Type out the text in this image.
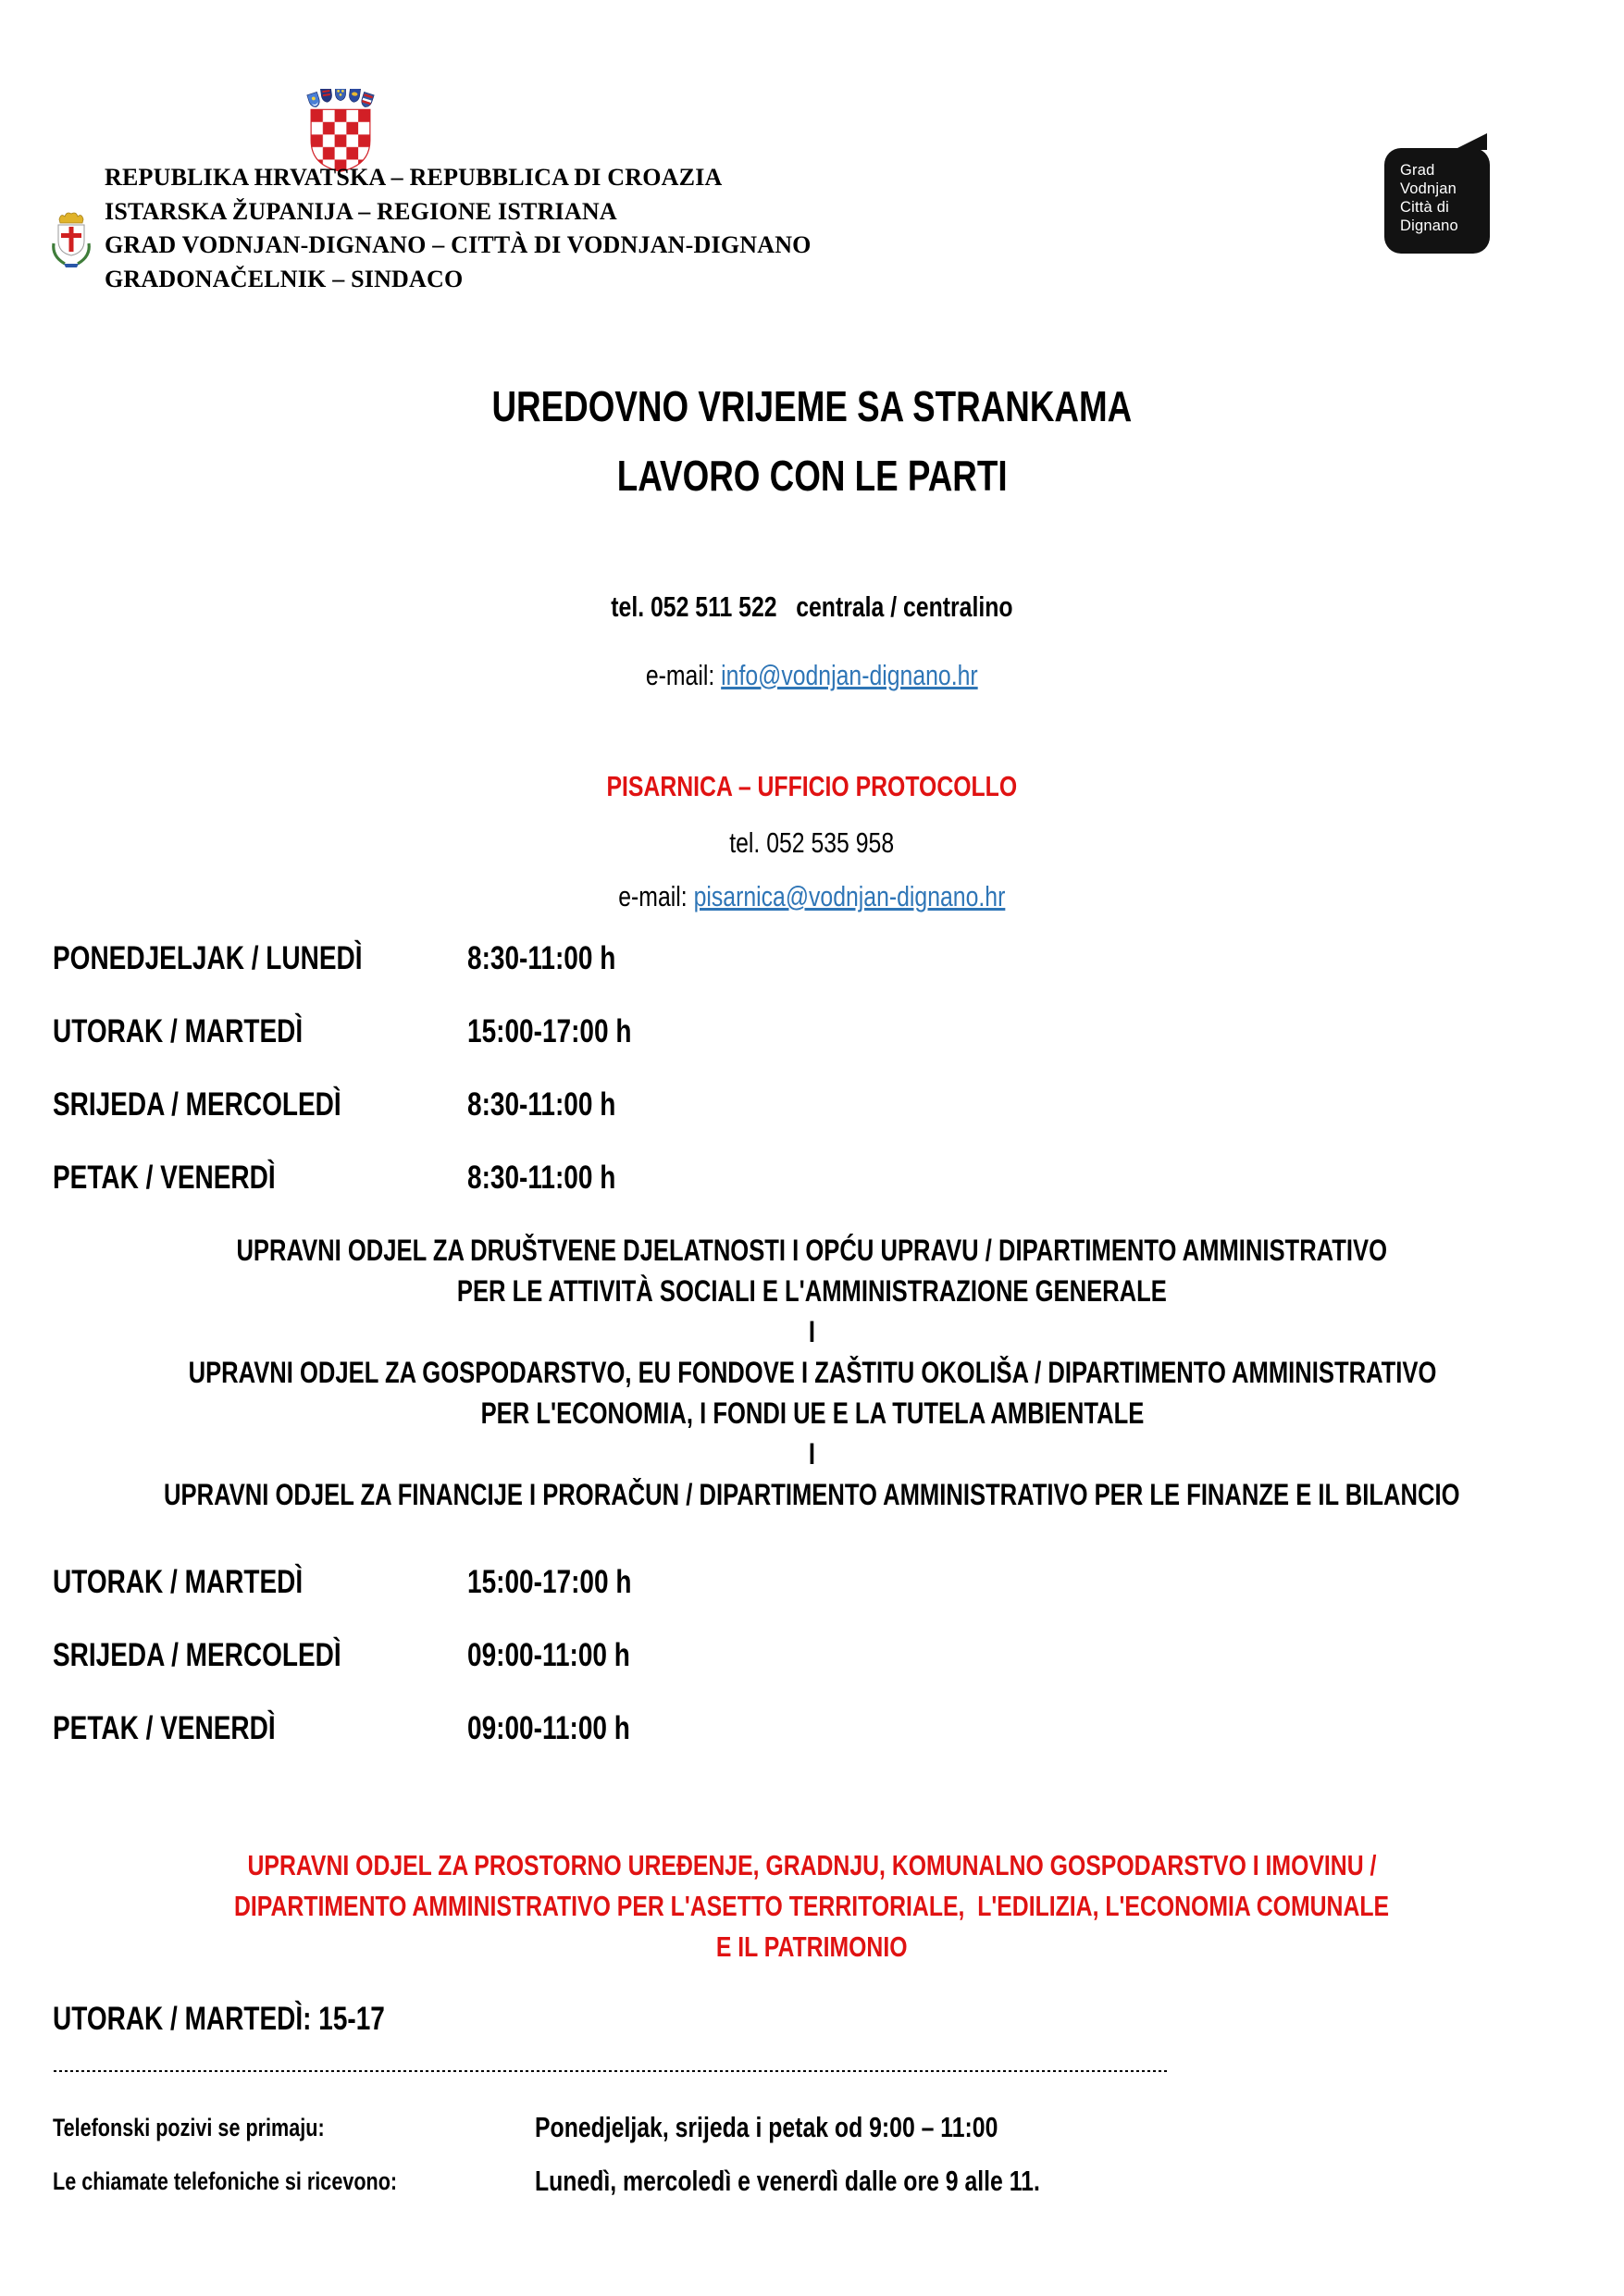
REPUBLIKA HRVATSKA – REPUBBLICA DI CROAZIA
ISTARSKA ŽUPANIJA – REGIONE ISTRIANA
GRAD VODNJAN-DIGNANO – CITTÀ DI VODNJAN-DIGNANO
GRADONAČELNIK – SINDACO
Grad
Vodnjan
Città di
Dignano
UREDOVNO VRIJEME SA STRANKAMA
LAVORO CON LE PARTI
tel. 052 511 522   centrala / centralino
e-mail: info@vodnjan-dignano.hr
PISARNICA – UFFICIO PROTOCOLLO
tel. 052 535 958
e-mail: pisarnica@vodnjan-dignano.hr
PONEDJELJAK / LUNEDÌ	8:30-11:00 h
UTORAK / MARTEDÌ	15:00-17:00 h
SRIJEDA / MERCOLEDÌ	8:30-11:00 h
PETAK / VENERDÌ	8:30-11:00 h
UPRAVNI ODJEL ZA DRUŠTVENE DJELATNOSTI I OPĆU UPRAVU / DIPARTIMENTO AMMINISTRATIVO
PER LE ATTIVITÀ SOCIALI E L'AMMINISTRAZIONE GENERALE
I
UPRAVNI ODJEL ZA GOSPODARSTVO, EU FONDOVE I ZAŠTITU OKOLIŠA / DIPARTIMENTO AMMINISTRATIVO
PER L'ECONOMIA, I FONDI UE E LA TUTELA AMBIENTALE
I
UPRAVNI ODJEL ZA FINANCIJE I PRORAČUN / DIPARTIMENTO AMMINISTRATIVO PER LE FINANZE E IL BILANCIO
UTORAK / MARTEDÌ	15:00-17:00 h
SRIJEDA / MERCOLEDÌ	09:00-11:00 h
PETAK / VENERDÌ	09:00-11:00 h
UPRAVNI ODJEL ZA PROSTORNO UREĐENJE, GRADNJU, KOMUNALNO GOSPODARSTVO I IMOVINU /
DIPARTIMENTO AMMINISTRATIVO PER L'ASETTO TERRITORIALE,  L'EDILIZIA, L'ECONOMIA COMUNALE
E IL PATRIMONIO
UTORAK / MARTEDÌ: 15-17
Telefonski pozivi se primaju:	Ponedjeljak, srijeda i petak od 9:00 – 11:00
Le chiamate telefoniche si ricevono:	Lunedì, mercoledì e venerdì dalle ore 9 alle 11.
